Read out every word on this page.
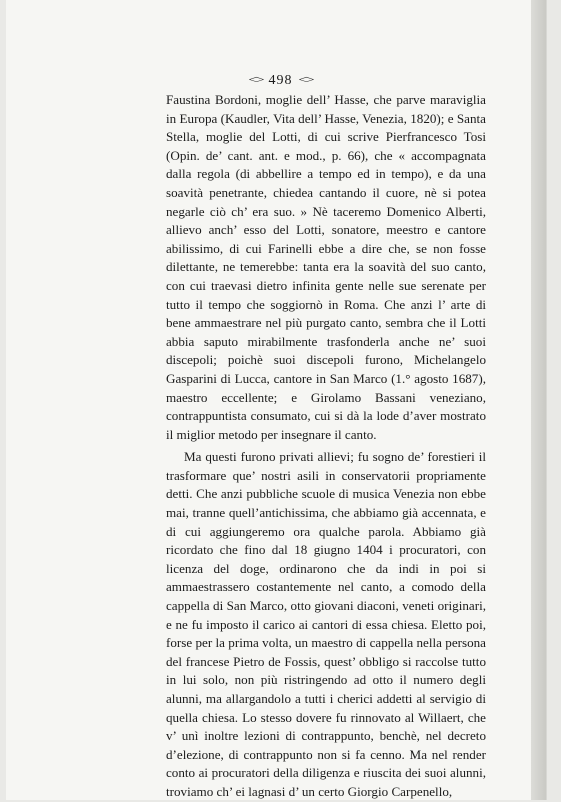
<> 498 <>

Faustina Bordoni, moglie dell’ Hasse, che parve maraviglia in Europa (Kaudler, Vita dell’ Hasse, Venezia, 1820); e Santa Stella, moglie del Lotti, di cui scrive Pierfrancesco Tosi (Opin. de’ cant. ant. e mod., p. 66), che « accompagnata dalla regola (di abbellire a tempo ed in tempo), e da una soavità penetrante, chiedea cantando il cuore, nè si potea negarle ciò ch’ era suo. » Nè taceremo Domenico Alberti, allievo anch’ esso del Lotti, sonatore, meestro e cantore abilissimo, di cui Farinelli ebbe a dire che, se non fosse dilettante, ne temerebbe: tanta era la soavità del suo canto, con cui traevasi dietro infinita gente nelle sue serenate per tutto il tempo che soggiornò in Roma. Che anzi l’ arte di bene ammaestrare nel più purgato canto, sembra che il Lotti abbia saputo mirabilmente trasfonderla anche ne’ suoi discepoli; poichè suoi discepoli furono, Michelangelo Gasparini di Lucca, cantore in San Marco (1.° agosto 1687), maestro eccellente; e Girolamo Bassani veneziano, contrappuntista consumato, cui si dà la lode d’aver mostrato il miglior metodo per insegnare il canto.

Ma questi furono privati allievi; fu sogno de’ forestieri il trasformare que’ nostri asili in conservatorii propriamente detti. Che anzi pubbliche scuole di musica Venezia non ebbe mai, tranne quell’antichissima, che abbiamo già accennata, e di cui aggiungeremo ora qualche parola. Abbiamo già ricordato che fino dal 18 giugno 1404 i procuratori, con licenza del doge, ordinarono che da indi in poi si ammaestrassero costantemente nel canto, a comodo della cappella di San Marco, otto giovani diaconi, veneti originari, e ne fu imposto il carico ai cantori di essa chiesa. Eletto poi, forse per la prima volta, un maestro di cappella nella persona del francese Pietro de Fossis, quest’ obbligo si raccolse tutto in lui solo, non più ristringendo ad otto il numero degli alunni, ma allargandolo a tutti i cherici addetti al servigio di quella chiesa. Lo stesso dovere fu rinnovato al Willaert, che v’ unì inoltre lezioni di contrappunto, benchè, nel decreto d’elezione, di contrappunto non si fa cenno. Ma nel render conto ai procuratori della diligenza e riuscita dei suoi alunni, troviamo ch’ ei lagnasi d’ un certo Giorgio Carpenello,
